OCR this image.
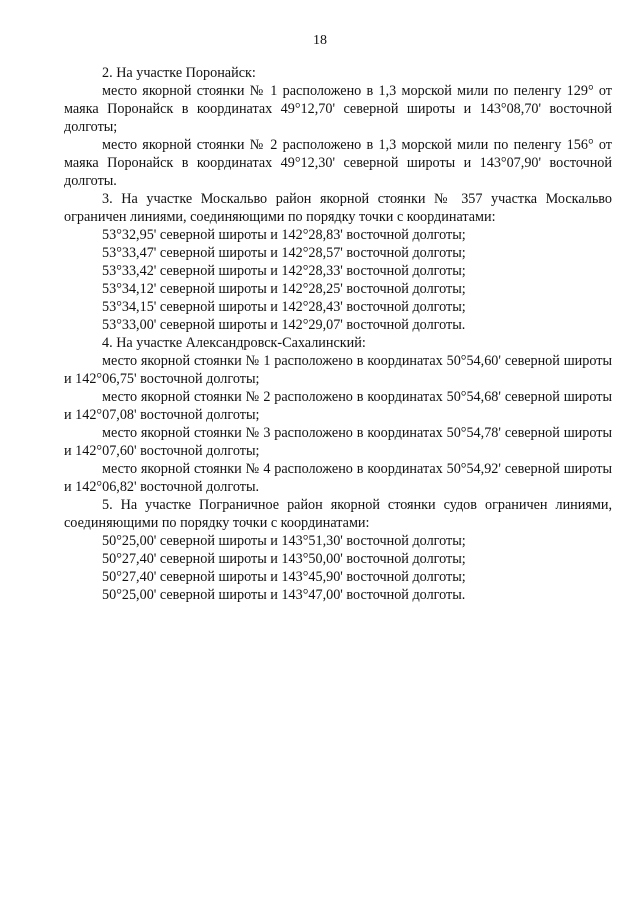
18

2. На участке Поронайск:

место якорной стоянки № 1 расположено в 1,3 морской мили по пеленгу 129° от маяка Поронайск в координатах 49°12,70' северной широты и 143°08,70' восточной долготы;

место якорной стоянки № 2 расположено в 1,3 морской мили по пеленгу 156° от маяка Поронайск в координатах 49°12,30' северной широты и 143°07,90' восточной долготы.

3. На участке Москальво район якорной стоянки № 357 участка Москальво ограничен линиями, соединяющими по порядку точки с координатами:

53°32,95' северной широты и 142°28,83' восточной долготы;

53°33,47' северной широты и 142°28,57' восточной долготы;

53°33,42' северной широты и 142°28,33' восточной долготы;

53°34,12' северной широты и 142°28,25' восточной долготы;

53°34,15' северной широты и 142°28,43' восточной долготы;

53°33,00' северной широты и 142°29,07' восточной долготы.

4. На участке Александровск-Сахалинский:

место якорной стоянки № 1 расположено в координатах 50°54,60' северной широты и 142°06,75' восточной долготы;

место якорной стоянки № 2 расположено в координатах 50°54,68' северной широты и 142°07,08' восточной долготы;

место якорной стоянки № 3 расположено в координатах 50°54,78' северной широты и 142°07,60' восточной долготы;

место якорной стоянки № 4 расположено в координатах 50°54,92' северной широты и 142°06,82' восточной долготы.

5. На участке Пограничное район якорной стоянки судов ограничен линиями, соединяющими по порядку точки с координатами:

50°25,00' северной широты и 143°51,30' восточной долготы;

50°27,40' северной широты и 143°50,00' восточной долготы;

50°27,40' северной широты и 143°45,90' восточной долготы;

50°25,00' северной широты и 143°47,00' восточной долготы.
